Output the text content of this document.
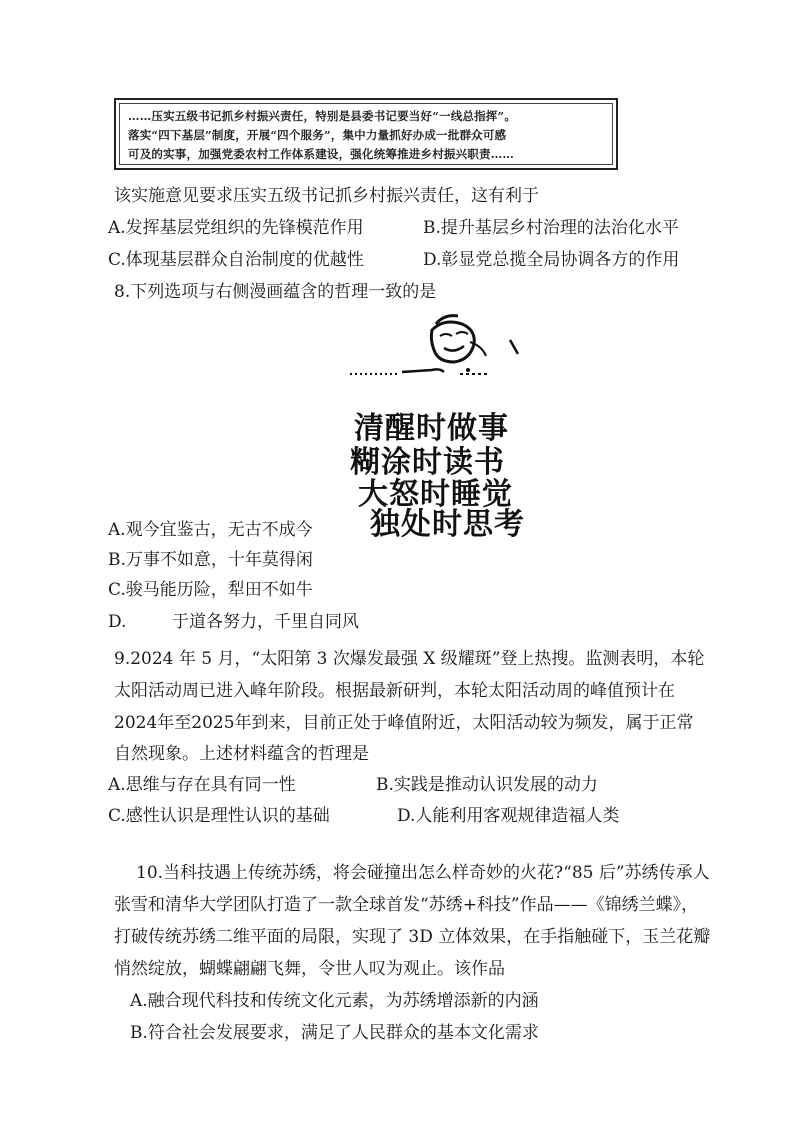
……压实五级书记抓乡村振兴责任，特别是县委书记要当好“一线总指挥”。
落实“四下基层”制度，开展“四个服务”，集中力量抓好办成一批群众可感
可及的实事，加强党委农村工作体系建设，强化统筹推进乡村振兴职责……
该实施意见要求压实五级书记抓乡村振兴责任，这有利于
A.发挥基层党组织的先锋模范作用	B.提升基层乡村治理的法治化水平
C.体现基层群众自治制度的优越性	D.彰显党总揽全局协调各方的作用
8.下列选项与右侧漫画蕴含的哲理一致的是
清醒时做事
糊涂时读书
大怒时睡觉
独处时思考
A.观今宜鉴古，无古不成今
B.万事不如意，十年莫得闲
C.骏马能历险，犁田不如牛
D.	于道各努力，千里自同风
9.2024 年 5 月，“太阳第 3 次爆发最强 X 级耀斑”登上热搜。监测表明，本轮
太阳活动周已进入峰年阶段。根据最新研判，本轮太阳活动周的峰值预计在
2024年至2025年到来，目前正处于峰值附近，太阳活动较为频发，属于正常
自然现象。上述材料蕴含的哲理是
A.思维与存在具有同一性	B.实践是推动认识发展的动力
C.感性认识是理性认识的基础	D.人能利用客观规律造福人类
10.当科技遇上传统苏绣，将会碰撞出怎么样奇妙的火花?“85 后”苏绣传承人
张雪和清华大学团队打造了一款全球首发“苏绣+科技”作品——《锦绣兰蝶》，
打破传统苏绣二维平面的局限，实现了 3D 立体效果，在手指触碰下，玉兰花瓣
悄然绽放，蝴蝶翩翩飞舞，令世人叹为观止。该作品
A.融合现代科技和传统文化元素，为苏绣增添新的内涵
B.符合社会发展要求，满足了人民群众的基本文化需求
